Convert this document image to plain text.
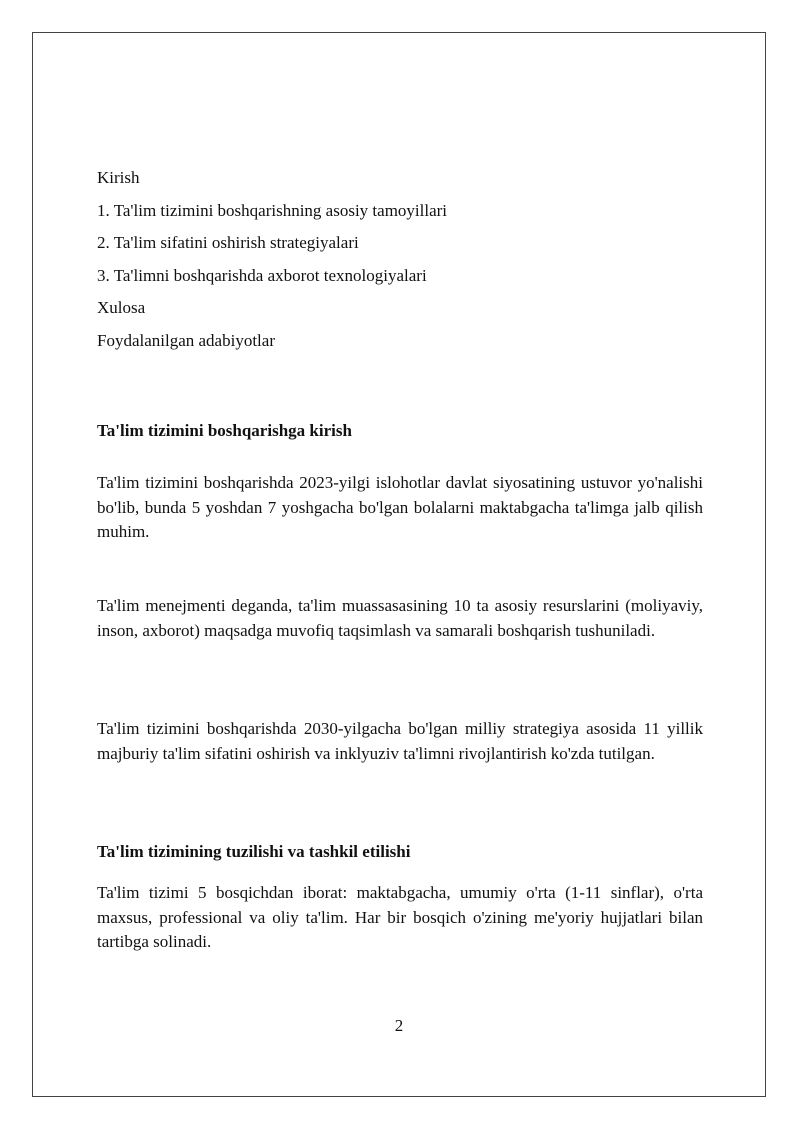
Kirish
1. Ta'lim tizimini boshqarishning asosiy tamoyillari
2. Ta'lim sifatini oshirish strategiyalari
3. Ta'limni boshqarishda axborot texnologiyalari
Xulosa
Foydalanilgan adabiyotlar

Ta'lim tizimini boshqarishga kirish

Ta'lim tizimini boshqarishda 2023-yilgi islohotlar davlat siyosatining ustuvor yo'nalishi bo'lib, bunda 5 yoshdan 7 yoshgacha bo'lgan bolalarni maktabgacha ta'limga jalb qilish muhim.

Ta'lim menejmenti deganda, ta'lim muassasasining 10 ta asosiy resurslarini (moliyaviy, inson, axborot) maqsadga muvofiq taqsimlash va samarali boshqarish tushuniladi.

Ta'lim tizimini boshqarishda 2030-yilgacha bo'lgan milliy strategiya asosida 11 yillik majburiy ta'lim sifatini oshirish va inklyuziv ta'limni rivojlantirish ko'zda tutilgan.

Ta'lim tizimining tuzilishi va tashkil etilishi

Ta'lim tizimi 5 bosqichdan iborat: maktabgacha, umumiy o'rta (1-11 sinflar), o'rta maxsus, professional va oliy ta'lim. Har bir bosqich o'zining me'yoriy hujjatlari bilan tartibga solinadi.

2
